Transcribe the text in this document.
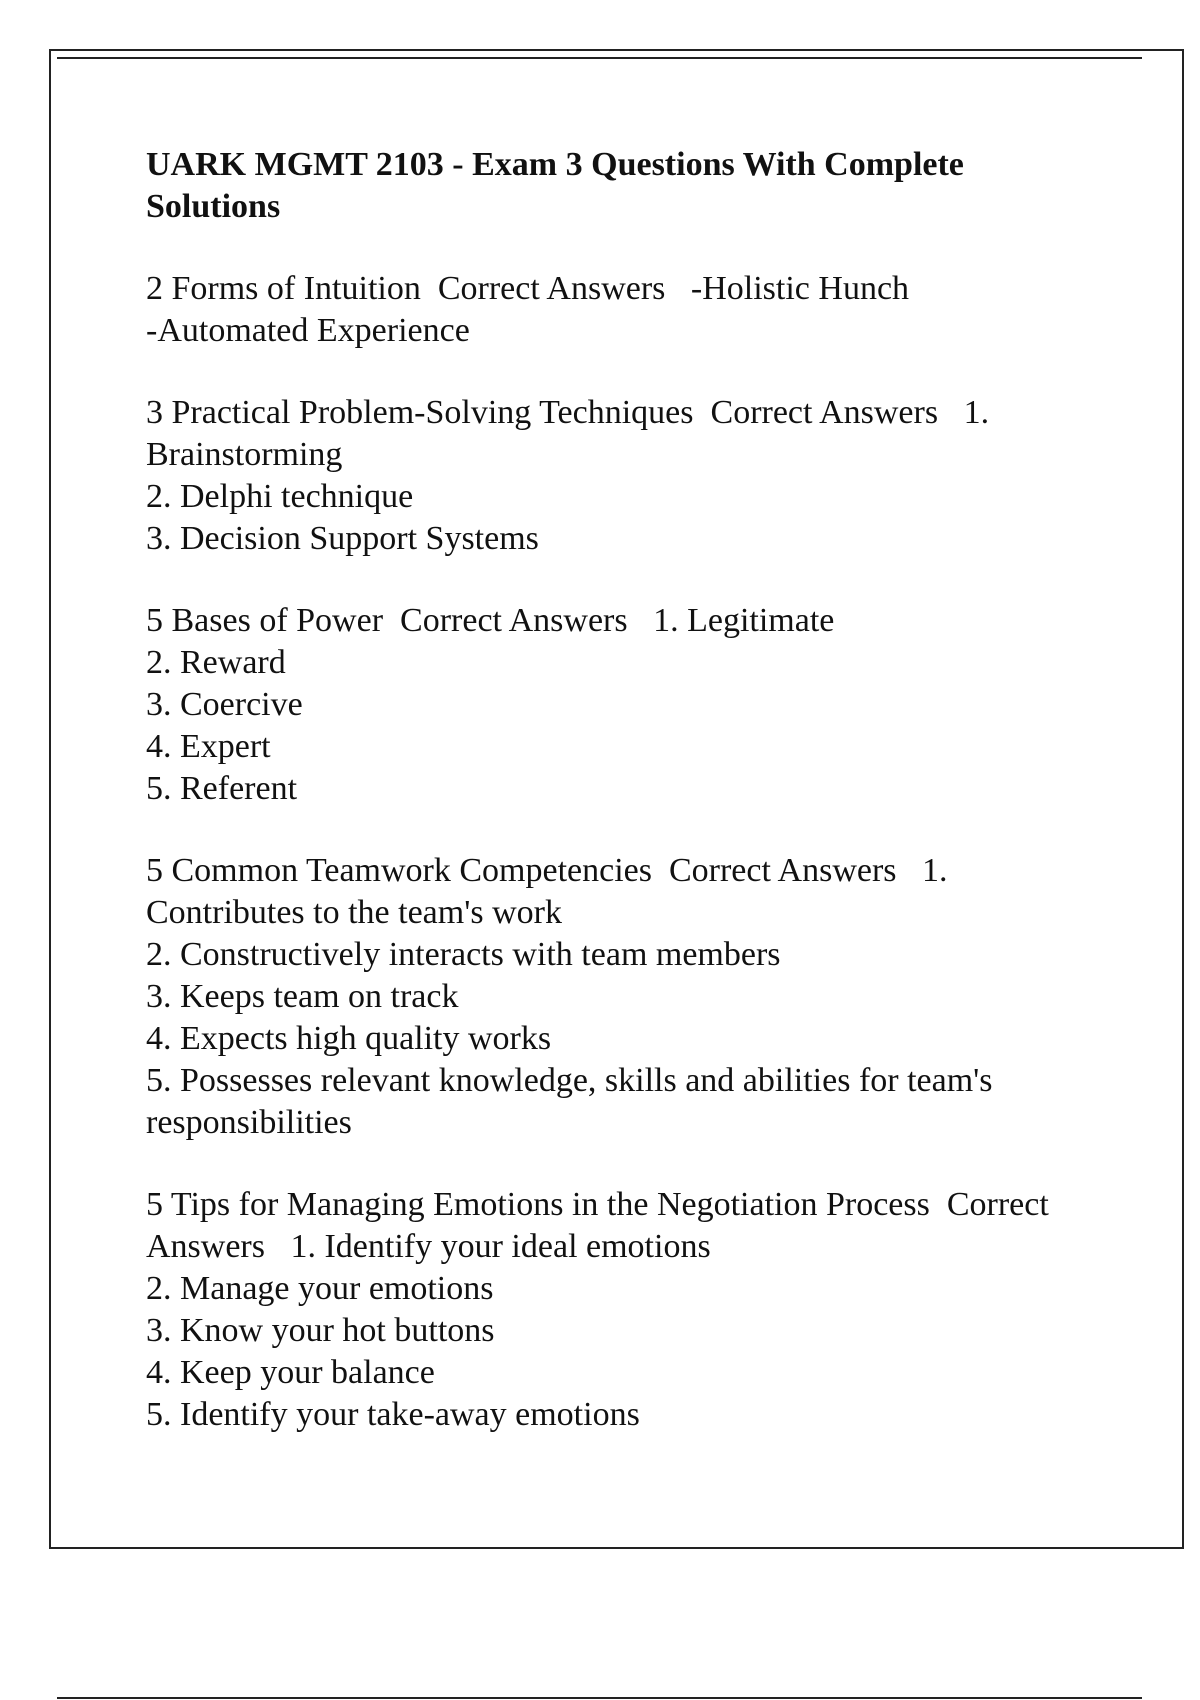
UARK MGMT 2103 - Exam 3 Questions With Complete Solutions
2 Forms of Intuition Correct Answers -Holistic Hunch
-Automated Experience
3 Practical Problem-Solving Techniques Correct Answers 1. Brainstorming
2. Delphi technique
3. Decision Support Systems
5 Bases of Power Correct Answers 1. Legitimate
2. Reward
3. Coercive
4. Expert
5. Referent
5 Common Teamwork Competencies Correct Answers 1. Contributes to the team's work
2. Constructively interacts with team members
3. Keeps team on track
4. Expects high quality works
5. Possesses relevant knowledge, skills and abilities for team's responsibilities
5 Tips for Managing Emotions in the Negotiation Process Correct Answers 1. Identify your ideal emotions
2. Manage your emotions
3. Know your hot buttons
4. Keep your balance
5. Identify your take-away emotions
